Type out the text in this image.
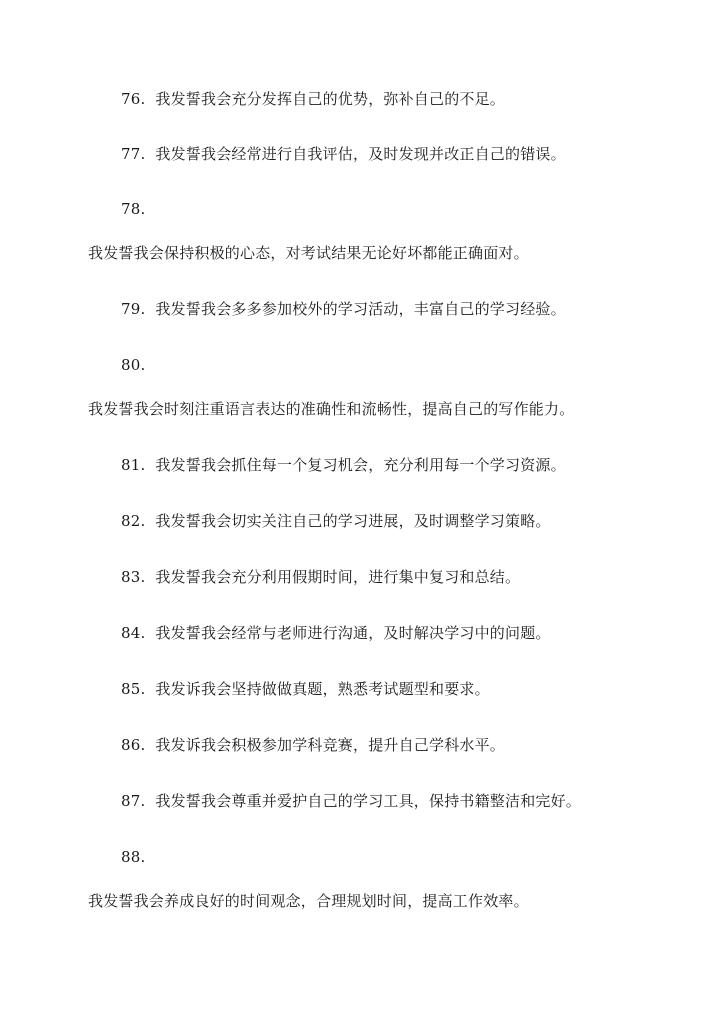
76. 我发誓我会充分发挥自己的优势，弥补自己的不足。
77. 我发誓我会经常进行自我评估，及时发现并改正自己的错误。
78.
我发誓我会保持积极的心态，对考试结果无论好坏都能正确面对。
79. 我发誓我会多多参加校外的学习活动，丰富自己的学习经验。
80.
我发誓我会时刻注重语言表达的准确性和流畅性，提高自己的写作能力。
81. 我发誓我会抓住每一个复习机会，充分利用每一个学习资源。
82. 我发誓我会切实关注自己的学习进展，及时调整学习策略。
83. 我发誓我会充分利用假期时间，进行集中复习和总结。
84. 我发誓我会经常与老师进行沟通，及时解决学习中的问题。
85. 我发诉我会坚持做做真题，熟悉考试题型和要求。
86. 我发诉我会积极参加学科竞赛，提升自己学科水平。
87. 我发誓我会尊重并爱护自己的学习工具，保持书籍整洁和完好。
88.
我发誓我会养成良好的时间观念，合理规划时间，提高工作效率。
